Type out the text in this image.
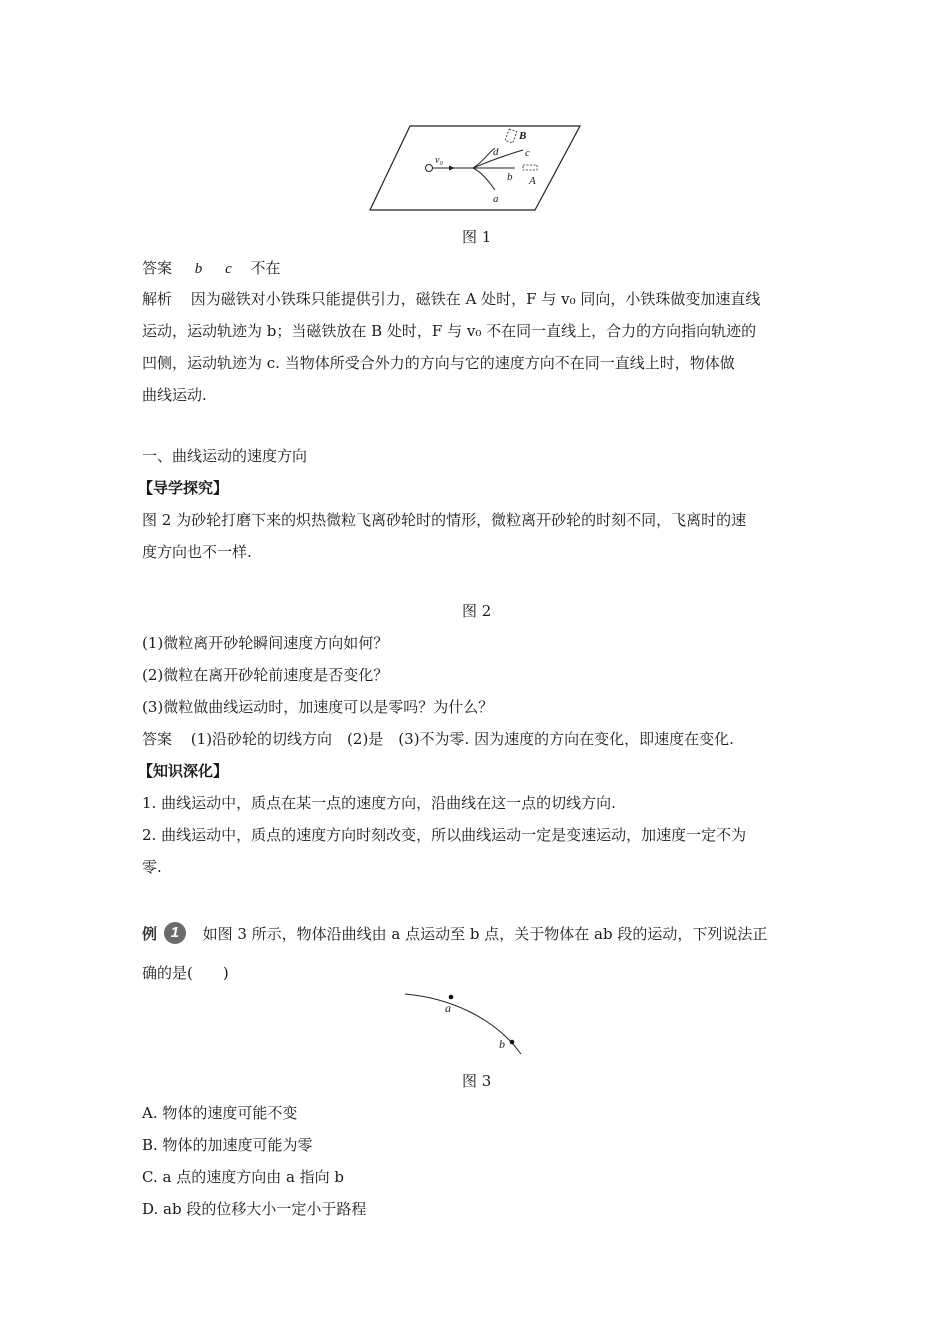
v₀
d c
b
a
B
A
图 1
答案 b c 不在
解析 因为磁铁对小铁珠只能提供引力，磁铁在 A 处时，F 与 v₀ 同向，小铁珠做变加速直线
运动，运动轨迹为 b；当磁铁放在 B 处时，F 与 v₀ 不在同一直线上，合力的方向指向轨迹的
凹侧，运动轨迹为 c. 当物体所受合外力的方向与它的速度方向不在同一直线上时，物体做
曲线运动.
一、曲线运动的速度方向
【导学探究】
图 2 为砂轮打磨下来的炽热微粒飞离砂轮时的情形，微粒离开砂轮的时刻不同，飞离时的速
度方向也不一样.
图 2
(1)微粒离开砂轮瞬间速度方向如何？
(2)微粒在离开砂轮前速度是否变化？
(3)微粒做曲线运动时，加速度可以是零吗？为什么？
答案 (1)沿砂轮的切线方向　(2)是　(3)不为零. 因为速度的方向在变化，即速度在变化.
【知识深化】
1. 曲线运动中，质点在某一点的速度方向，沿曲线在这一点的切线方向.
2. 曲线运动中，质点的速度方向时刻改变，所以曲线运动一定是变速运动，加速度一定不为
零.
例 1 如图 3 所示，物体沿曲线由 a 点运动至 b 点，关于物体在 ab 段的运动，下列说法正
确的是(　　)
a
b
图 3
A. 物体的速度可能不变
B. 物体的加速度可能为零
C. a 点的速度方向由 a 指向 b
D. ab 段的位移大小一定小于路程
